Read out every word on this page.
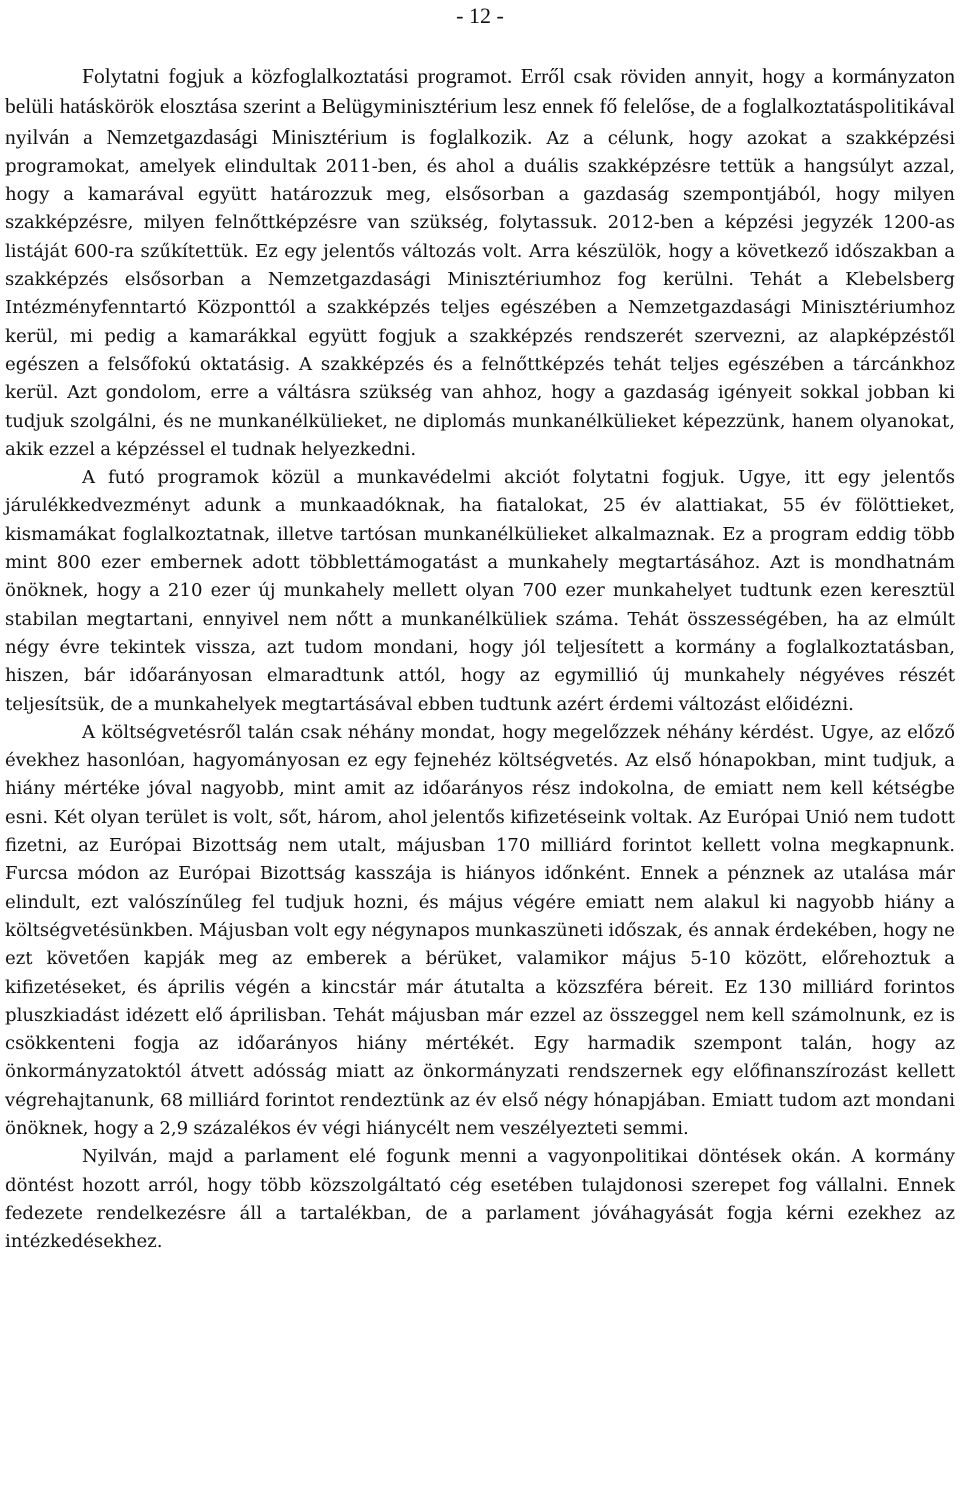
- 12 -

Folytatni fogjuk a közfoglalkoztatási programot. Erről csak röviden annyit, hogy a kormányzaton belüli hatáskörök elosztása szerint a Belügyminisztérium lesz ennek fő felelőse, de a foglalkoztatáspolitikával nyilván a Nemzetgazdasági Minisztérium is foglalkozik. Az a célunk, hogy azokat a szakképzési programokat, amelyek elindultak 2011-ben, és ahol a duális szakképzésre tettük a hangsúlyt azzal, hogy a kamarával együtt határozzuk meg, elsősorban a gazdaság szempontjából, hogy milyen szakképzésre, milyen felnőttképzésre van szükség, folytassuk. 2012-ben a képzési jegyzék 1200-as listáját 600-ra szűkítettük. Ez egy jelentős változás volt. Arra készülök, hogy a következő időszakban a szakképzés elsősorban a Nemzetgazdasági Minisztériumhoz fog kerülni. Tehát a Klebelsberg Intézményfenntartó Központtól a szakképzés teljes egészében a Nemzetgazdasági Minisztériumhoz kerül, mi pedig a kamarákkal együtt fogjuk a szakképzés rendszerét szervezni, az alapképzéstől egészen a felsőfokú oktatásig. A szakképzés és a felnőttképzés tehát teljes egészében a tárcánkhoz kerül. Azt gondolom, erre a váltásra szükség van ahhoz, hogy a gazdaság igényeit sokkal jobban ki tudjuk szolgálni, és ne munkanélkülieket, ne diplomás munkanélkülieket képezzünk, hanem olyanokat, akik ezzel a képzéssel el tudnak helyezkedni.

A futó programok közül a munkavédelmi akciót folytatni fogjuk. Ugye, itt egy jelentős járulékkedvezményt adunk a munkaadóknak, ha fiatalokat, 25 év alattiakat, 55 év fölöttieket, kismamákat foglalkoztatnak, illetve tartósan munkanélkülieket alkalmaznak. Ez a program eddig több mint 800 ezer embernek adott többlettámogatást a munkahely megtartásához. Azt is mondhatnám önöknek, hogy a 210 ezer új munkahely mellett olyan 700 ezer munkahelyet tudtunk ezen keresztül stabilan megtartani, ennyivel nem nőtt a munkanélküliek száma. Tehát összességében, ha az elmúlt négy évre tekintek vissza, azt tudom mondani, hogy jól teljesített a kormány a foglalkoztatásban, hiszen, bár időarányosan elmaradtunk attól, hogy az egymillió új munkahely négyéves részét teljesítsük, de a munkahelyek megtartásával ebben tudtunk azért érdemi változást előidézni.

A költségvetésről talán csak néhány mondat, hogy megelőzzek néhány kérdést. Ugye, az előző évekhez hasonlóan, hagyományosan ez egy fejnehéz költségvetés. Az első hónapokban, mint tudjuk, a hiány mértéke jóval nagyobb, mint amit az időarányos rész indokolna, de emiatt nem kell kétségbe esni. Két olyan terület is volt, sőt, három, ahol jelentős kifizetéseink voltak. Az Európai Unió nem tudott fizetni, az Európai Bizottság nem utalt, májusban 170 milliárd forintot kellett volna megkapnunk. Furcsa módon az Európai Bizottság kasszája is hiányos időnként. Ennek a pénznek az utalása már elindult, ezt valószínűleg fel tudjuk hozni, és május végére emiatt nem alakul ki nagyobb hiány a költségvetésünkben. Májusban volt egy négynapos munkaszüneti időszak, és annak érdekében, hogy ne ezt követően kapják meg az emberek a bérüket, valamikor május 5-10 között, előrehoztuk a kifizetéseket, és április végén a kincstár már átutalta a közszféra béreit. Ez 130 milliárd forintos pluszkiadást idézett elő áprilisban. Tehát májusban már ezzel az összeggel nem kell számolnunk, ez is csökkenteni fogja az időarányos hiány mértékét. Egy harmadik szempont talán, hogy az önkormányzatoktól átvett adósság miatt az önkormányzati rendszernek egy előfinanszírozást kellett végrehajtanunk, 68 milliárd forintot rendeztünk az év első négy hónapjában. Emiatt tudom azt mondani önöknek, hogy a 2,9 százalékos év végi hiánycélt nem veszélyezteti semmi.

Nyilván, majd a parlament elé fogunk menni a vagyonpolitikai döntések okán. A kormány döntést hozott arról, hogy több közszolgáltató cég esetében tulajdonosi szerepet fog vállalni. Ennek fedezete rendelkezésre áll a tartalékban, de a parlament jóváhagyását fogja kérni ezekhez az intézkedésekhez.
